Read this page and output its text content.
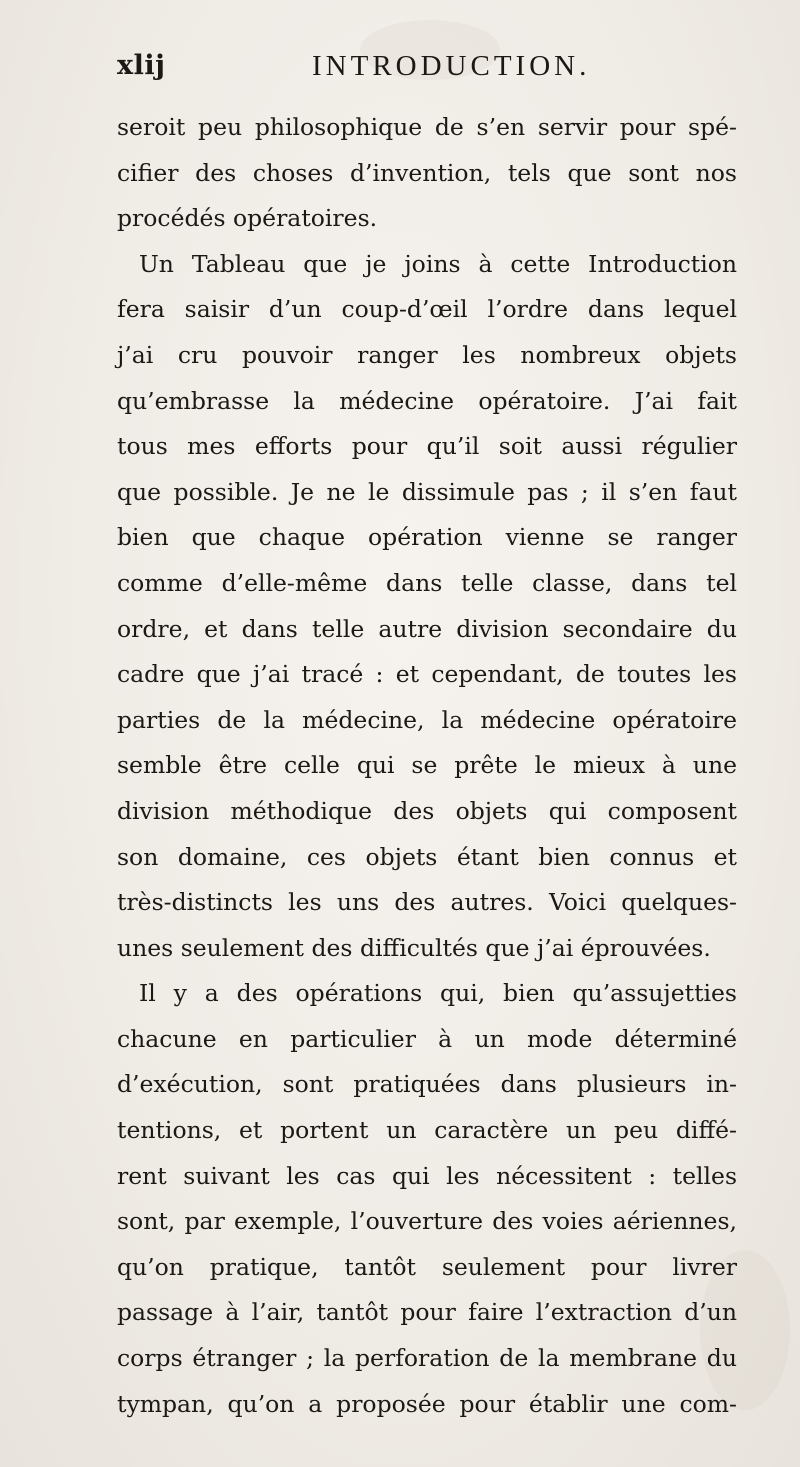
xlij	INTRODUCTION.
seroit peu philosophique de s’en servir pour spé-
cifier des choses d’invention, tels que sont nos
procédés opératoires.
Un Tableau que je joins à cette Introduction
fera saisir d’un coup-d’œil l’ordre dans lequel
j’ai cru pouvoir ranger les nombreux objets
qu’embrasse la médecine opératoire. J’ai fait
tous mes efforts pour qu’il soit aussi régulier
que possible. Je ne le dissimule pas ; il s’en faut
bien que chaque opération vienne se ranger
comme d’elle-même dans telle classe, dans tel
ordre, et dans telle autre division secondaire du
cadre que j’ai tracé : et cependant, de toutes les
parties de la médecine, la médecine opératoire
semble être celle qui se prête le mieux à une
division méthodique des objets qui composent
son domaine, ces objets étant bien connus et
très-distincts les uns des autres. Voici quelques-
unes seulement des difficultés que j’ai éprouvées.
Il y a des opérations qui, bien qu’assujetties
chacune en particulier à un mode déterminé
d’exécution, sont pratiquées dans plusieurs in-
tentions, et portent un caractère un peu diffé-
rent suivant les cas qui les nécessitent : telles
sont, par exemple, l’ouverture des voies aériennes,
qu’on pratique, tantôt seulement pour livrer
passage à l’air, tantôt pour faire l’extraction d’un
corps étranger ; la perforation de la membrane du
tympan, qu’on a proposée pour établir une com-
